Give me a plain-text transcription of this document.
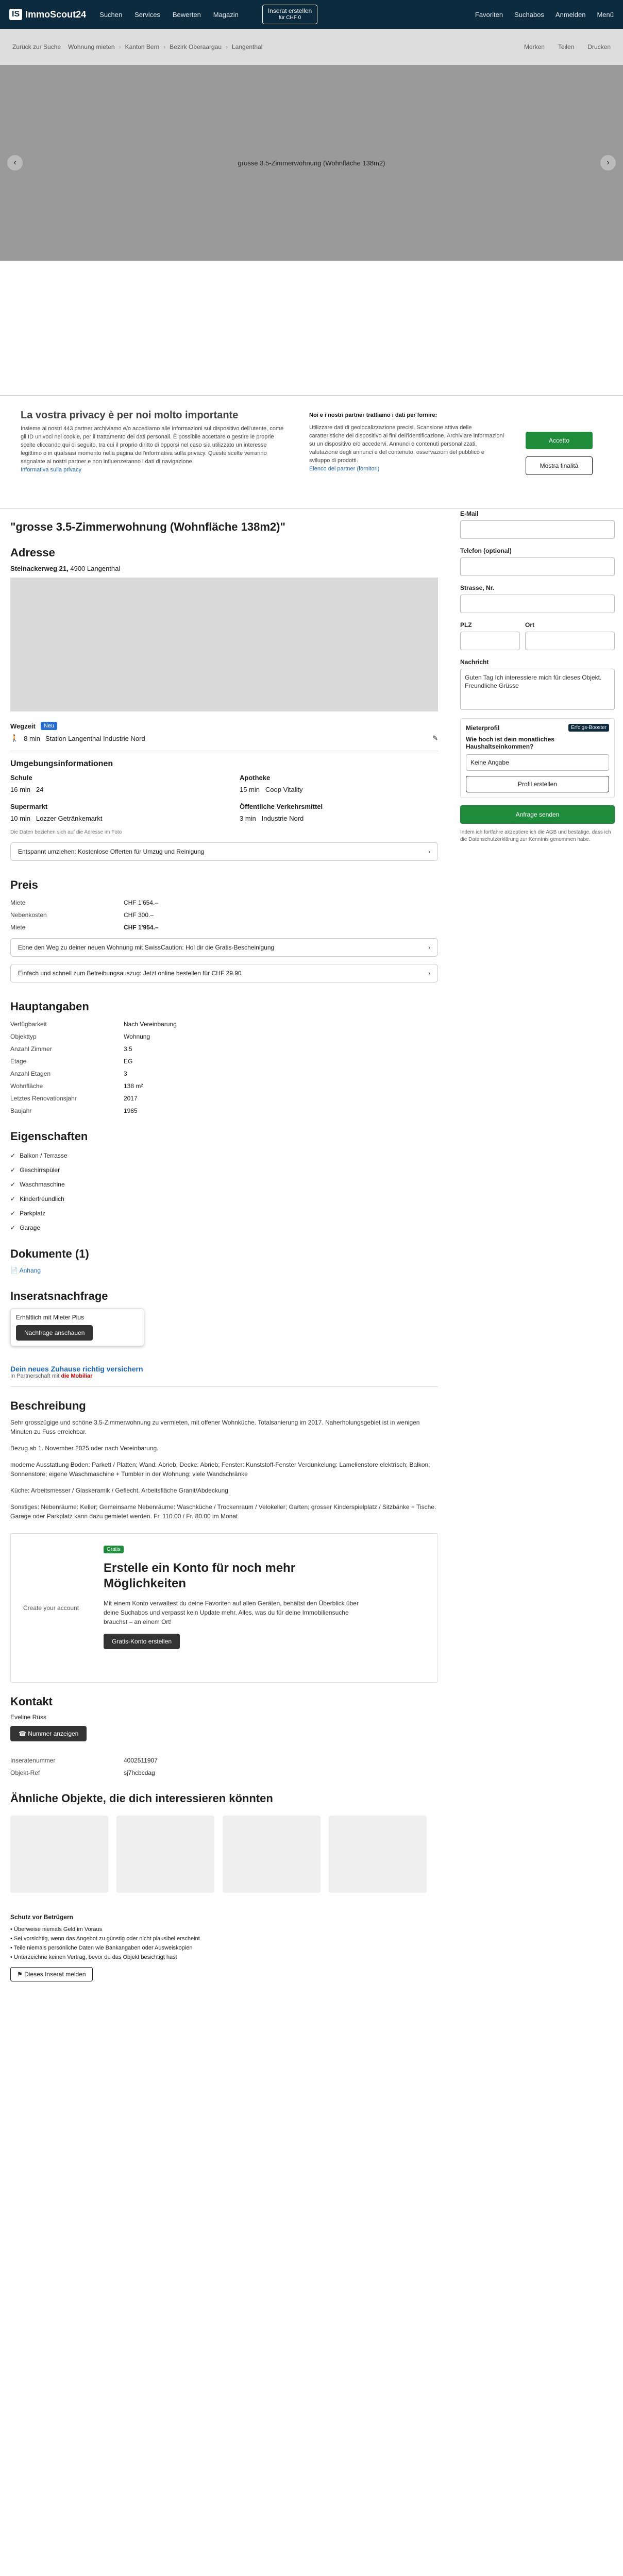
IS ImmoScout24 Suchen Services Bewerten Magazin	Inserat erstellen
für CHF 0	Favoriten Suchabos Anmelden Menü
Zurück zur Suche Wohnung mieten › Kanton Bern › Bezirk Oberaargau › Langenthal	Merken Teilen Drucken
‹	grosse 3.5-Zimmerwohnung (Wohnfläche 138m2)	›
La vostra privacy è per noi molto importante

Insieme ai nostri 443 partner archiviamo e/o accediamo alle informazioni sul dispositivo dell'utente, come gli ID univoci nei cookie, per il trattamento dei dati personali. È possibile accettare o gestire le proprie scelte cliccando qui di seguito, tra cui il proprio diritto di opporsi nel caso sia utilizzato un interesse legittimo o in qualsiasi momento nella pagina dell'informativa sulla privacy. Queste scelte verranno segnalate ai nostri partner e non influenzeranno i dati di navigazione.

Informativa sulla privacy
Noi e i nostri partner trattiamo i dati per fornire:

Utilizzare dati di geolocalizzazione precisi. Scansione attiva delle caratteristiche del dispositivo ai fini dell'identificazione. Archiviare informazioni su un dispositivo e/o accedervi. Annunci e contenuti personalizzati, valutazione degli annunci e del contenuto, osservazioni del pubblico e sviluppo di prodotti.

Elenco dei partner (fornitori)
Accetto
Mostra finalità
"grosse 3.5-Zimmerwohnung (Wohnfläche 138m2)"
Adresse
Steinackerweg 21, 4900 Langenthal
Wegzeit	Neu
🚶 8 min Station Langenthal Industrie Nord	✎
Umgebungsinformationen
Schule
16 min 24
Apotheke
15 min Coop Vitality
Supermarkt
10 min Lozzer Getränkemarkt
Öffentliche Verkehrsmittel
3 min Industrie Nord
Die Daten beziehen sich auf die Adresse im Foto
Entspannt umziehen: Kostenlose Offerten für Umzug und Reinigung	›
Preis
Miete	CHF 1'654.–
Nebenkosten	CHF 300.–
Miete	CHF 1'954.–
Ebne den Weg zu deiner neuen Wohnung mit SwissCaution: Hol dir die Gratis-Bescheinigung	›
Einfach und schnell zum Betreibungsauszug: Jetzt online bestellen für CHF 29.90	›
Hauptangaben
Verfügbarkeit	Nach Vereinbarung
Objekttyp	Wohnung
Anzahl Zimmer	3.5
Etage	EG
Anzahl Etagen	3
Wohnfläche	138 m²
Letztes Renovationsjahr	2017
Baujahr	1985
Eigenschaften
✓ Balkon / Terrasse
✓ Geschirrspüler
✓ Waschmaschine
✓ Kinderfreundlich
✓ Parkplatz
✓ Garage
Dokumente (1)
📄 Anhang
Inseratsnachfrage
Erhältlich mit Mieter Plus
Nachfrage anschauen
Dein neues Zuhause richtig versichern
In Partnerschaft mit die Mobiliar
Beschreibung

Sehr grosszügige und schöne 3.5-Zimmerwohnung zu vermieten, mit offener Wohnküche. Totalsanierung im 2017. Naherholungsgebiet ist in wenigen Minuten zu Fuss erreichbar.

Bezug ab 1. November 2025 oder nach Vereinbarung.

moderne Ausstattung Boden: Parkett / Platten; Wand: Abrieb; Decke: Abrieb; Fenster: Kunststoff-Fenster Verdunkelung: Lamellenstore elektrisch; Balkon; Sonnenstore; eigene Waschmaschine + Tumbler in der Wohnung; viele Wandschränke

Küche: Arbeitsmesser / Glaskeramik / Geflecht. Arbeitsfläche Granit/Abdeckung

Sonstiges: Nebenräume: Keller; Gemeinsame Nebenräume: Waschküche / Trockenraum / Velokeller; Garten; grosser Kinderspielplatz / Sitzbänke + Tische. Garage oder Parkplatz kann dazu gemietet werden. Fr. 110.00 / Fr. 80.00 im Monat

Create your account
Gratis
Erstelle ein Konto für noch mehr Möglichkeiten

Mit einem Konto verwaltest du deine Favoriten auf allen Geräten, behältst den Überblick über deine Suchabos und verpasst kein Update mehr. Alles, was du für deine Immobiliensuche brauchst – an einem Ort!

Gratis-Konto erstellen
Kontakt
Eveline Rüss
☎ Nummer anzeigen
Inseratenummer	4002511907
Objekt-Ref	sj7hcbcdag
Ähnliche Objekte, die dich interessieren könnten
Schutz vor Betrügern
• Überweise niemals Geld im Voraus
• Sei vorsichtig, wenn das Angebot zu günstig oder nicht plausibel erscheint
• Teile niemals persönliche Daten wie Bankangaben oder Ausweiskopien
• Unterzeichne keinen Vertrag, bevor du das Objekt besichtigt hast
⚑ Dieses Inserat melden
E-Mail
Telefon (optional)
Strasse, Nr.
PLZ	Ort
Nachricht
Guten Tag Ich interessiere mich für dieses Objekt. Freundliche Grüsse
Mieterprofil	Erfolgs-Booster
Wie hoch ist dein monatliches Haushaltseinkommen?
Keine Angabe
Profil erstellen
Anfrage senden

Indem ich fortfahre akzeptiere ich die AGB und bestätige, dass ich die Datenschutzerklärung zur Kenntnis genommen habe.
